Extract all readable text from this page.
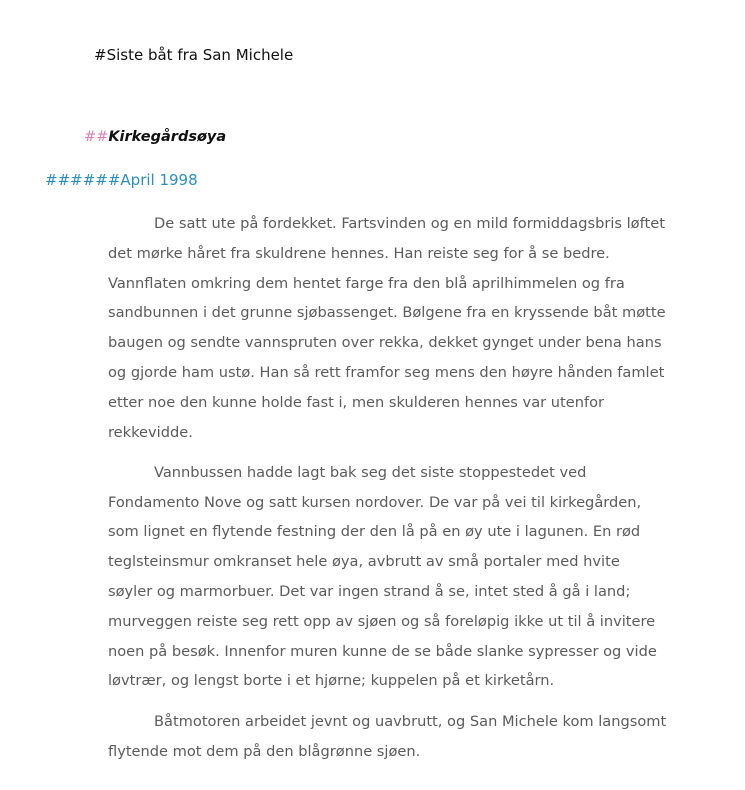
#Siste båt fra San Michele
##Kirkegårdsøya
######April 1998

De satt ute på fordekket. Fartsvinden og en mild formiddagsbris løftet det mørke håret fra skuldrene hennes. Han reiste seg for å se bedre. Vannflaten omkring dem hentet farge fra den blå aprilhimmelen og fra sandbunnen i det grunne sjøbassenget. Bølgene fra en kryssende båt møtte baugen og sendte vannspruten over rekka, dekket gynget under bena hans og gjorde ham ustø. Han så rett framfor seg mens den høyre hånden famlet etter noe den kunne holde fast i, men skulderen hennes var utenfor rekkevidde.

Vannbussen hadde lagt bak seg det siste stoppestedet ved Fondamento Nove og satt kursen nordover. De var på vei til kirkegården, som lignet en flytende festning der den lå på en øy ute i lagunen. En rød teglsteinsmur omkranset hele øya, avbrutt av små portaler med hvite søyler og marmorbuer. Det var ingen strand å se, intet sted å gå i land; murveggen reiste seg rett opp av sjøen og så foreløpig ikke ut til å invitere noen på besøk. Innenfor muren kunne de se både slanke sypresser og vide løvtrær, og lengst borte i et hjørne; kuppelen på et kirketårn.

Båtmotoren arbeidet jevnt og uavbrutt, og San Michele kom langsomt flytende mot dem på den blågrønne sjøen.
